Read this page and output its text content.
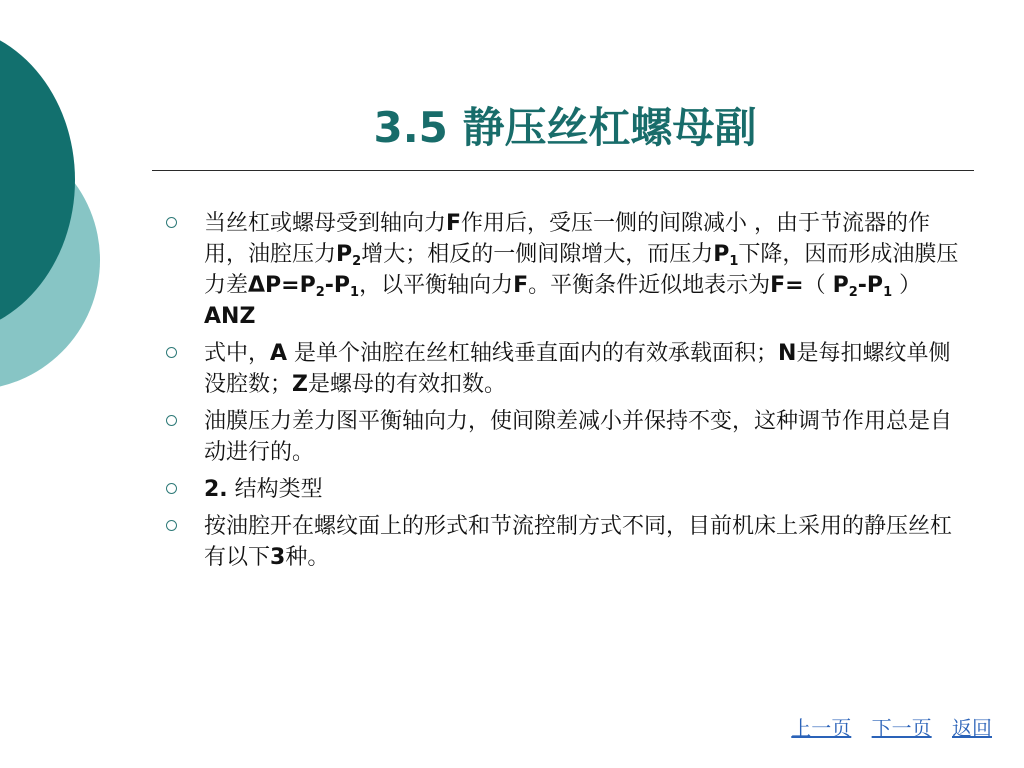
3.5 静压丝杠螺母副
当丝杠或螺母受到轴向力F作用后，受压一侧的间隙减小 ，由于节流器的作用，油腔压力$P_2$增大；相反的一侧间隙增大，而压力$P_1$下降，因而形成油膜压力差$\Delta P=P_2-P_1$，以平衡轴向力F。平衡条件近似地表示为F=（ $P_2-P_1$ ）ANZ
式中，A 是单个油腔在丝杠轴线垂直面内的有效承载面积；N是每扣螺纹单侧没腔数；Z是螺母的有效扣数。
油膜压力差力图平衡轴向力，使间隙差减小并保持不变，这种调节作用总是自动进行的。
2. 结构类型
按油腔开在螺纹面上的形式和节流控制方式不同，目前机床上采用的静压丝杠有以下3种。
上一页 下一页 返回
